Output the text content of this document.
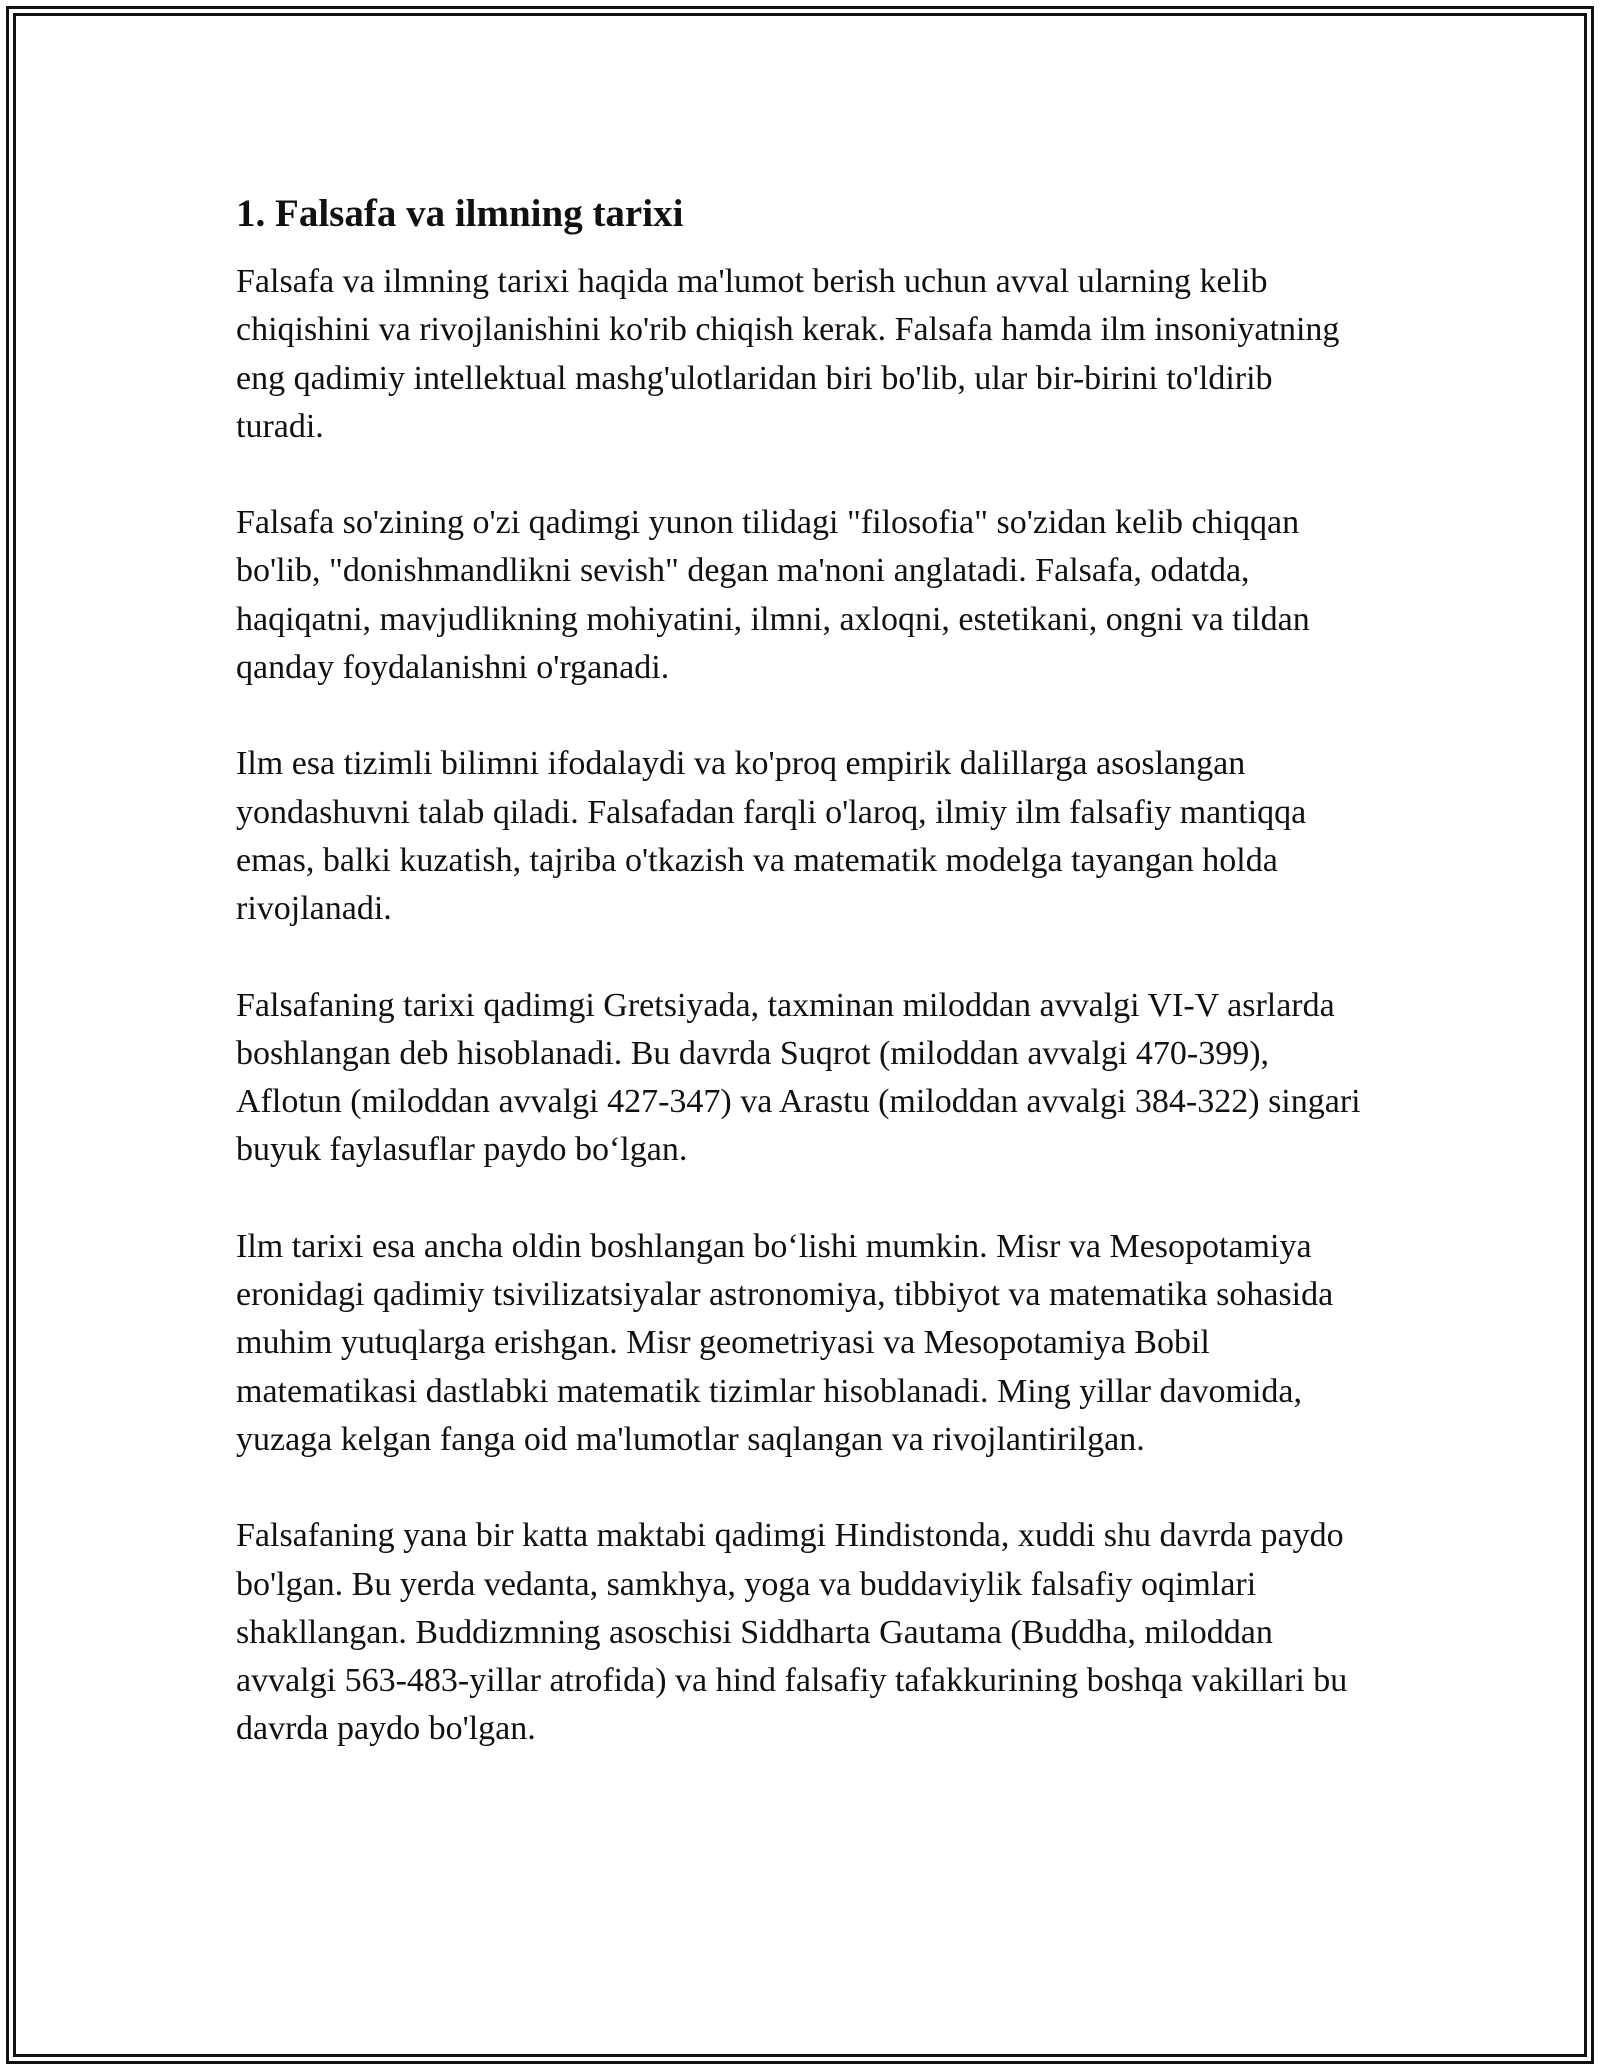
1. Falsafa va ilmning tarixi

Falsafa va ilmning tarixi haqida ma'lumot berish uchun avval ularning kelib chiqishini va rivojlanishini ko'rib chiqish kerak. Falsafa hamda ilm insoniyatning eng qadimiy intellektual mashg'ulotlaridan biri bo'lib, ular bir-birini to'ldirib turadi.

Falsafa so'zining o'zi qadimgi yunon tilidagi "filosofia" so'zidan kelib chiqqan bo'lib, "donishmandlikni sevish" degan ma'noni anglatadi. Falsafa, odatda, haqiqatni, mavjudlikning mohiyatini, ilmni, axloqni, estetikani, ongni va tildan qanday foydalanishni o'rganadi.

Ilm esa tizimli bilimni ifodalaydi va ko'proq empirik dalillarga asoslangan yondashuvni talab qiladi. Falsafadan farqli o'laroq, ilmiy ilm falsafiy mantiqqa emas, balki kuzatish, tajriba o'tkazish va matematik modelga tayangan holda rivojlanadi.

Falsafaning tarixi qadimgi Gretsiyada, taxminan miloddan avvalgi VI-V asrlarda boshlangan deb hisoblanadi. Bu davrda Suqrot (miloddan avvalgi 470-399), Aflotun (miloddan avvalgi 427-347) va Arastu (miloddan avvalgi 384-322) singari buyuk faylasuflar paydo bo‘lgan.

Ilm tarixi esa ancha oldin boshlangan bo‘lishi mumkin. Misr va Mesopotamiya eronidagi qadimiy tsivilizatsiyalar astronomiya, tibbiyot va matematika sohasida muhim yutuqlarga erishgan. Misr geometriyasi va Mesopotamiya Bobil matematikasi dastlabki matematik tizimlar hisoblanadi. Ming yillar davomida, yuzaga kelgan fanga oid ma'lumotlar saqlangan va rivojlantirilgan.

Falsafaning yana bir katta maktabi qadimgi Hindistonda, xuddi shu davrda paydo bo'lgan. Bu yerda vedanta, samkhya, yoga va buddaviylik falsafiy oqimlari shakllangan. Buddizmning asoschisi Siddharta Gautama (Buddha, miloddan avvalgi 563-483-yillar atrofida) va hind falsafiy tafakkurining boshqa vakillari bu davrda paydo bo'lgan.
